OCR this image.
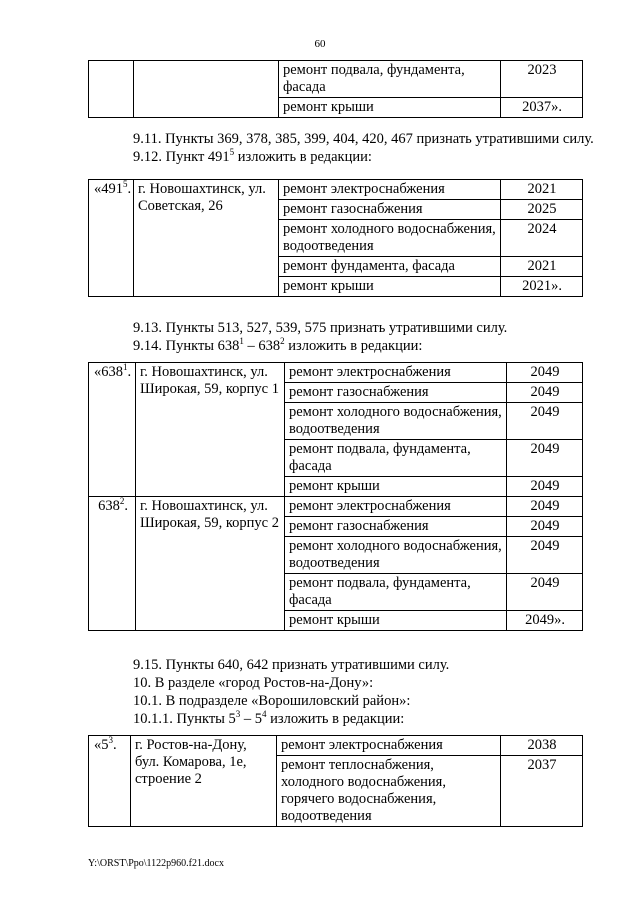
60
		ремонт подвала, фундамента, фасада	2023
		ремонт крыши	2037».
9.11. Пункты 369, 378, 385, 399, 404, 420, 467 признать утратившими силу.
9.12. Пункт $491^5$ изложить в редакции:
«$491^5$.	г. Новошахтинск, ул. Советская, 26	ремонт электроснабжения	2021
		ремонт газоснабжения	2025
		ремонт холодного водоснабжения, водоотведения	2024
		ремонт фундамента, фасада	2021
		ремонт крыши	2021».
9.13. Пункты 513, 527, 539, 575 признать утратившими силу.
9.14. Пункты $638^1 - 638^2$ изложить в редакции:
«$638^1$.	г. Новошахтинск, ул. Широкая, 59, корпус 1	ремонт электроснабжения	2049
		ремонт газоснабжения	2049
		ремонт холодного водоснабжения, водоотведения	2049
		ремонт подвала, фундамента, фасада	2049
		ремонт крыши	2049
$638^2$.	г. Новошахтинск, ул. Широкая, 59, корпус 2	ремонт электроснабжения	2049
		ремонт газоснабжения	2049
		ремонт холодного водоснабжения, водоотведения	2049
		ремонт подвала, фундамента, фасада	2049
		ремонт крыши	2049».
9.15. Пункты 640, 642 признать утратившими силу.
10. В разделе «город Ростов-на-Дону»:
10.1. В подразделе «Ворошиловский район»:
10.1.1. Пункты $5^3 - 5^4$ изложить в редакции:
«$5^3$.	г. Ростов-на-Дону, бул. Комарова, 1е, строение 2	ремонт электроснабжения	2038
		ремонт теплоснабжения, холодного водоснабжения, горячего водоснабжения, водоотведения	2037
Y:\ORST\Ppo\1122p960.f21.docx
